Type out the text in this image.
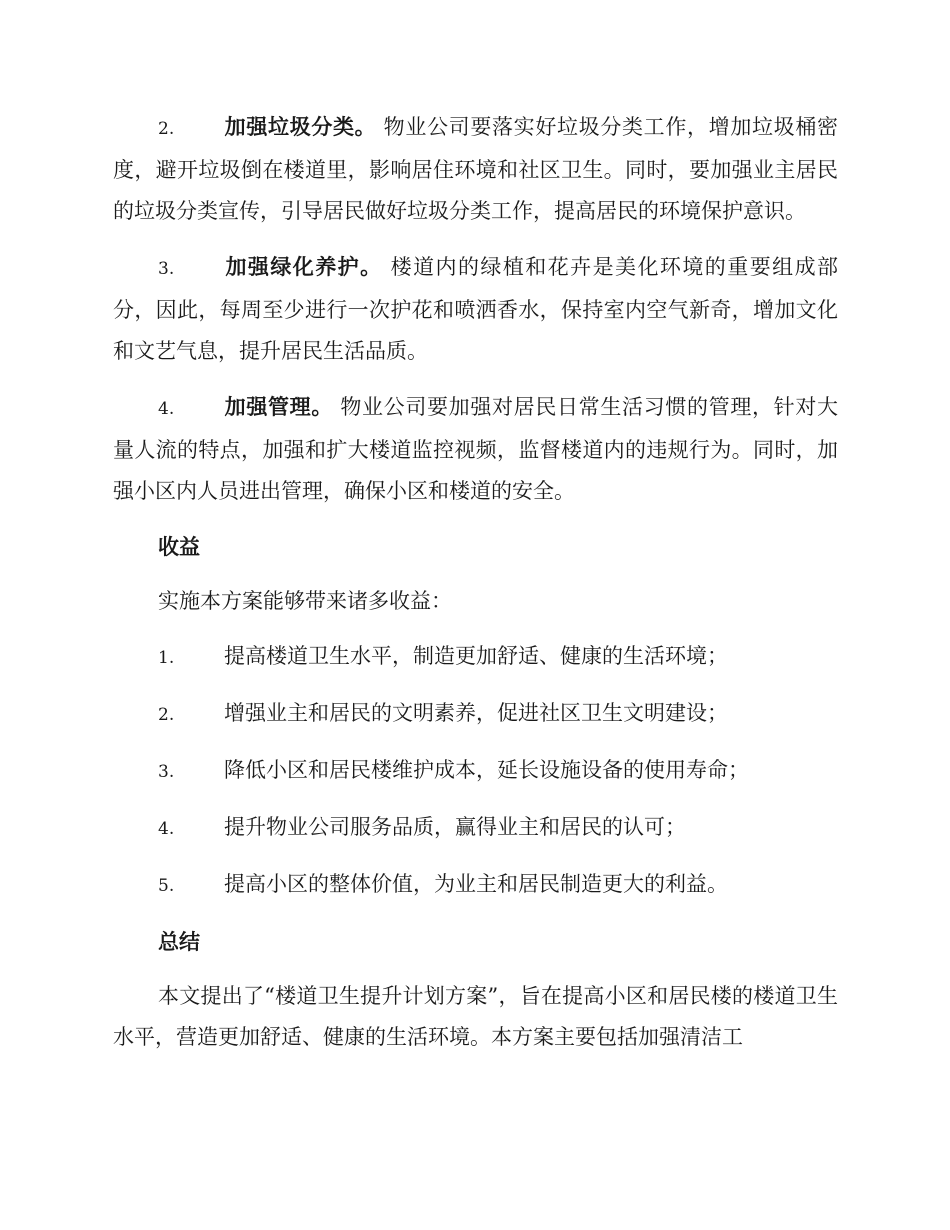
2. 加强垃圾分类。 物业公司要落实好垃圾分类工作，增加垃圾桶密度，避开垃圾倒在楼道里，影响居住环境和社区卫生。同时，要加强业主居民的垃圾分类宣传，引导居民做好垃圾分类工作，提高居民的环境保护意识。

3. 加强绿化养护。 楼道内的绿植和花卉是美化环境的重要组成部分，因此，每周至少进行一次护花和喷洒香水，保持室内空气新奇，增加文化和文艺气息，提升居民生活品质。

4. 加强管理。 物业公司要加强对居民日常生活习惯的管理，针对大量人流的特点，加强和扩大楼道监控视频，监督楼道内的违规行为。同时，加强小区内人员进出管理，确保小区和楼道的安全。

收益

实施本方案能够带来诸多收益：

1. 提高楼道卫生水平，制造更加舒适、健康的生活环境；

2. 增强业主和居民的文明素养，促进社区卫生文明建设；

3. 降低小区和居民楼维护成本，延长设施设备的使用寿命；

4. 提升物业公司服务品质，赢得业主和居民的认可；

5. 提高小区的整体价值，为业主和居民制造更大的利益。

总结

本文提出了“楼道卫生提升计划方案”，旨在提高小区和居民楼的楼道卫生水平，营造更加舒适、健康的生活环境。本方案主要包括加强清洁工
